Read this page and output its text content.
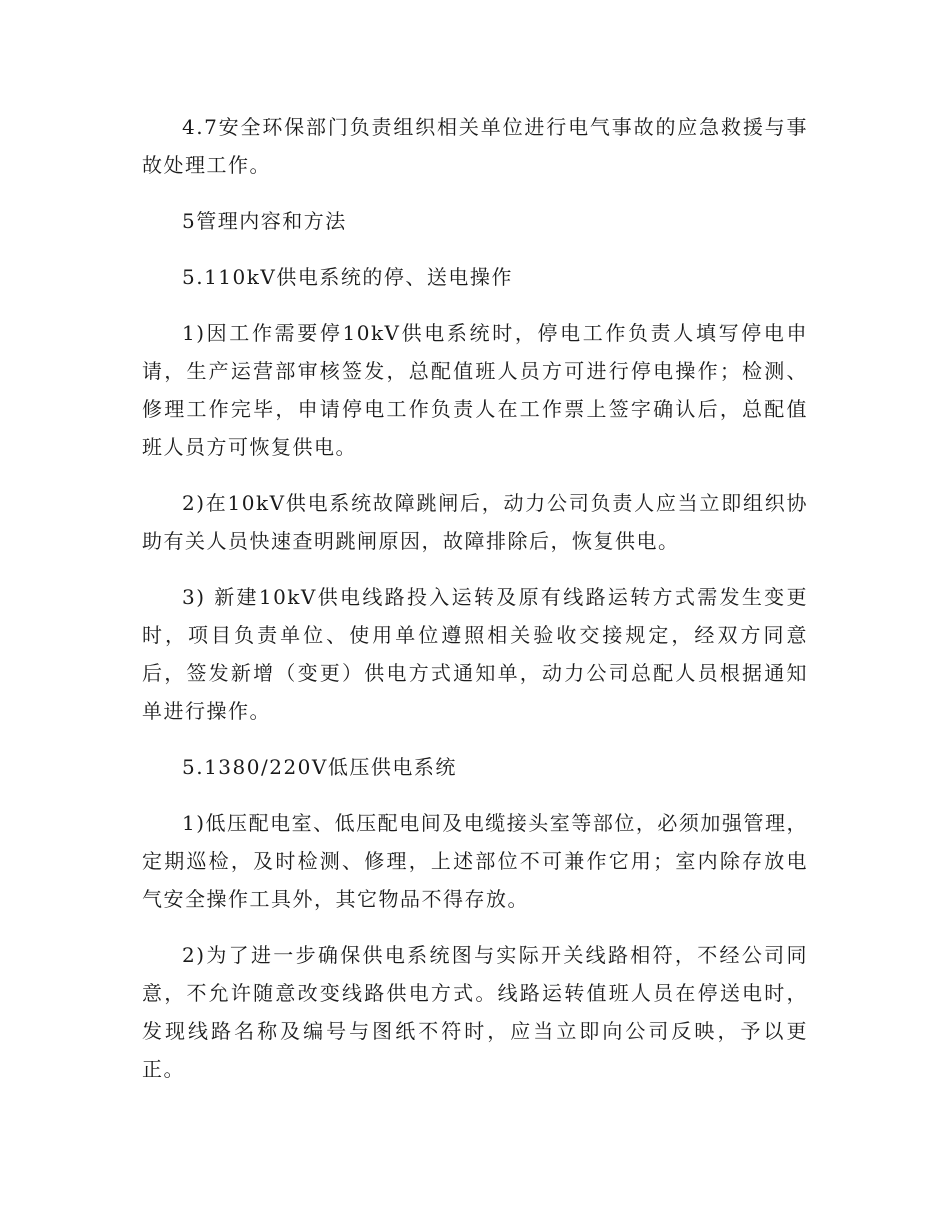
4.7安全环保部门负责组织相关单位进行电气事故的应急救援与事故处理工作。

5管理内容和方法

5.110kV供电系统的停、送电操作

1)因工作需要停10kV供电系统时，停电工作负责人填写停电申请，生产运营部审核签发，总配值班人员方可进行停电操作；检测、修理工作完毕，申请停电工作负责人在工作票上签字确认后，总配值班人员方可恢复供电。

2)在10kV供电系统故障跳闸后，动力公司负责人应当立即组织协助有关人员快速查明跳闸原因，故障排除后，恢复供电。

3) 新建10kV供电线路投入运转及原有线路运转方式需发生变更时，项目负责单位、使用单位遵照相关验收交接规定，经双方同意后，签发新增（变更）供电方式通知单，动力公司总配人员根据通知单进行操作。

5.1380/220V低压供电系统

1)低压配电室、低压配电间及电缆接头室等部位，必须加强管理，定期巡检，及时检测、修理，上述部位不可兼作它用；室内除存放电气安全操作工具外，其它物品不得存放。

2)为了进一步确保供电系统图与实际开关线路相符，不经公司同意，不允许随意改变线路供电方式。线路运转值班人员在停送电时，发现线路名称及编号与图纸不符时，应当立即向公司反映，予以更正。
